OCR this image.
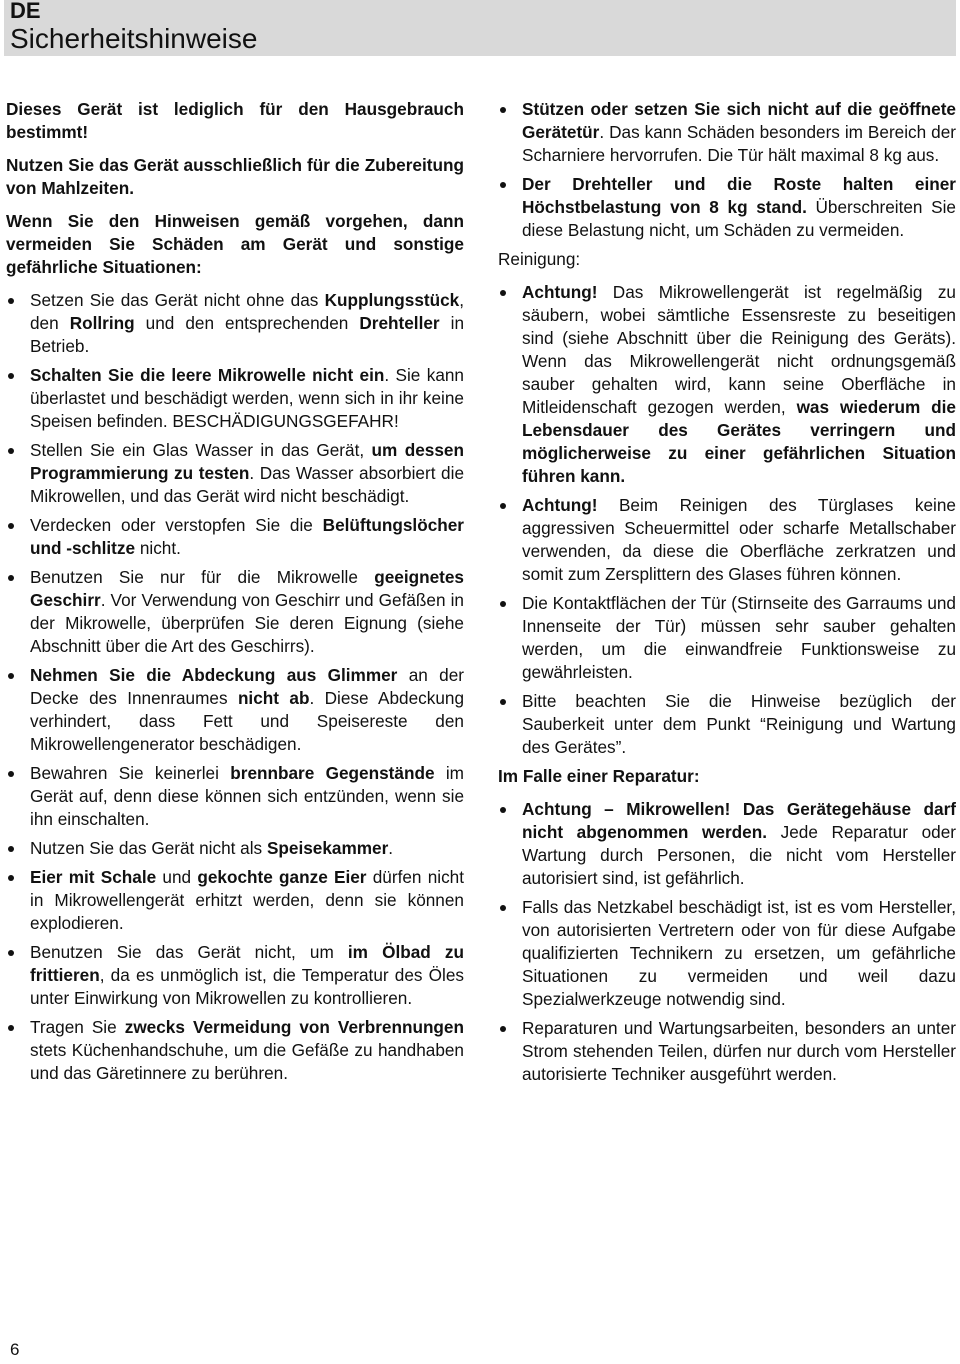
DE
Sicherheitshinweise

Dieses Gerät ist lediglich für den Hausgebrauch bestimmt!

Nutzen Sie das Gerät ausschließlich für die Zubereitung von Mahlzeiten.

Wenn Sie den Hinweisen gemäß vorgehen, dann vermeiden Sie Schäden am Gerät und sonstige gefährliche Situationen:

Setzen Sie das Gerät nicht ohne das Kupplungsstück, den Rollring und den entsprechenden Drehteller in Betrieb.
Schalten Sie die leere Mikrowelle nicht ein. Sie kann überlastet und beschädigt werden, wenn sich in ihr keine Speisen befinden. BESCHÄDIGUNGSGEFAHR!
Stellen Sie ein Glas Wasser in das Gerät, um dessen Programmierung zu testen. Das Wasser absorbiert die Mikrowellen, und das Gerät wird nicht beschädigt.
Verdecken oder verstopfen Sie die Belüftungslöcher und -schlitze nicht.
Benutzen Sie nur für die Mikrowelle geeignetes Geschirr. Vor Verwendung von Geschirr und Gefäßen in der Mikrowelle, überprüfen Sie deren Eignung (siehe Abschnitt über die Art des Geschirrs).
Nehmen Sie die Abdeckung aus Glimmer an der Decke des Innenraumes nicht ab. Diese Abdeckung verhindert, dass Fett und Speisereste den Mikrowellengenerator beschädigen.
Bewahren Sie keinerlei brennbare Gegenstände im Gerät auf, denn diese können sich entzünden, wenn sie ihn einschalten.
Nutzen Sie das Gerät nicht als Speisekammer.
Eier mit Schale und gekochte ganze Eier dürfen nicht in Mikrowellengerät erhitzt werden, denn sie können explodieren.
Benutzen Sie das Gerät nicht, um im Ölbad zu frittieren, da es unmöglich ist, die Temperatur des Öles unter Einwirkung von Mikrowellen zu kontrollieren.
Tragen Sie zwecks Vermeidung von Verbrennungen stets Küchenhandschuhe, um die Gefäße zu handhaben und das Gäretinnere zu berühren.
Stützen oder setzen Sie sich nicht auf die geöffnete Gerätetür. Das kann Schäden besonders im Bereich der Scharniere hervorrufen. Die Tür hält maximal 8 kg aus.
Der Drehteller und die Roste halten einer Höchstbelastung von 8 kg stand. Überschreiten Sie diese Belastung nicht, um Schäden zu vermeiden.

Reinigung:

Achtung! Das Mikrowellengerät ist regelmäßig zu säubern, wobei sämtliche Essensreste zu beseitigen sind (siehe Abschnitt über die Reinigung des Geräts). Wenn das Mikrowellengerät nicht ordnungsgemäß sauber gehalten wird, kann seine Oberfläche in Mitleidenschaft gezogen werden, was wiederum die Lebensdauer des Gerätes verringern und möglicherweise zu einer gefährlichen Situation führen kann.
Achtung! Beim Reinigen des Türglases keine aggressiven Scheuermittel oder scharfe Metallschaber verwenden, da diese die Oberfläche zerkratzen und somit zum Zersplittern des Glases führen können.
Die Kontaktflächen der Tür (Stirnseite des Garraums und Innenseite der Tür) müssen sehr sauber gehalten werden, um die einwandfreie Funktionsweise zu gewährleisten.
Bitte beachten Sie die Hinweise bezüglich der Sauberkeit unter dem Punkt “Reinigung und Wartung des Gerätes”.

Im Falle einer Reparatur:

Achtung – Mikrowellen! Das Gerätegehäuse darf nicht abgenommen werden. Jede Reparatur oder Wartung durch Personen, die nicht vom Hersteller autorisiert sind, ist gefährlich.
Falls das Netzkabel beschädigt ist, ist es vom Hersteller, von autorisierten Vertretern oder von für diese Aufgabe qualifizierten Technikern zu ersetzen, um gefährliche Situationen zu vermeiden und weil dazu Spezialwerkzeuge notwendig sind.
Reparaturen und Wartungsarbeiten, besonders an unter Strom stehenden Teilen, dürfen nur durch vom Hersteller autorisierte Techniker ausgeführt werden.
6
